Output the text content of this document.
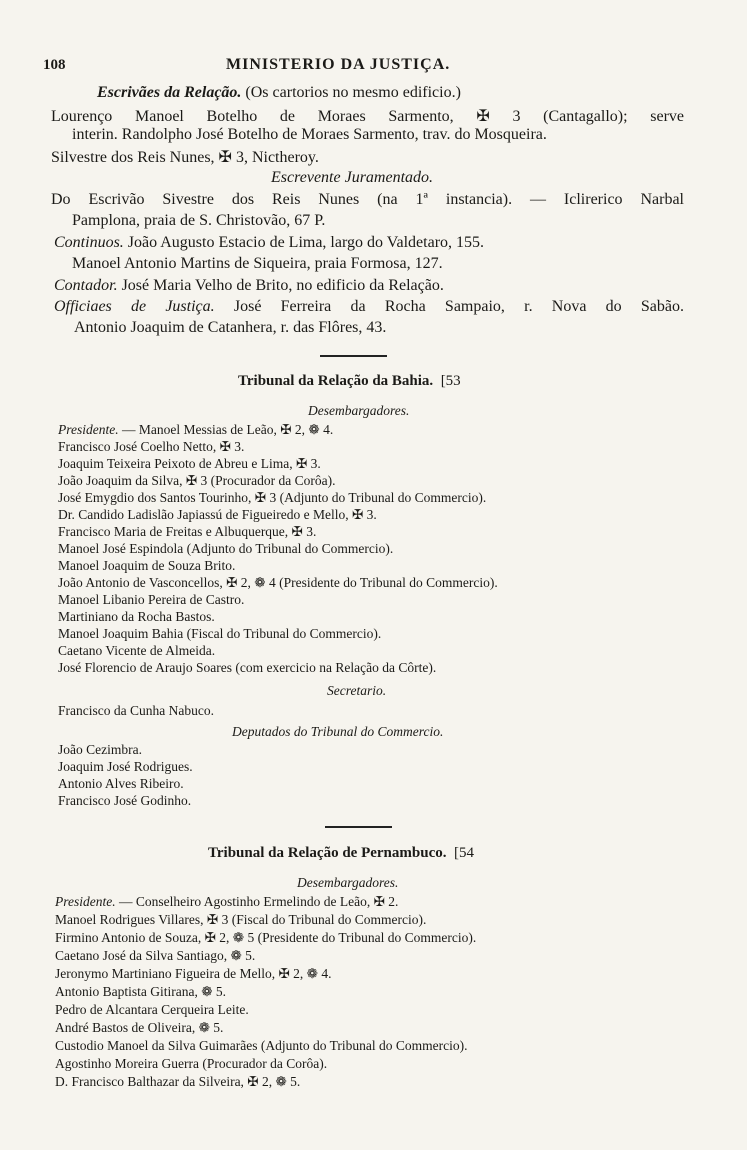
108	MINISTERIO DA JUSTIÇA.
Escrivães da Relação. (Os cartorios no mesmo edificio.)
Lourenço Manoel Botelho de Moraes Sarmento, ✠ 3 (Cantagallo); serve
interin. Randolpho José Botelho de Moraes Sarmento, trav. do Mosqueira.
Silvestre dos Reis Nunes, ✠ 3, Nictheroy.
Escrevente Juramentado.
Do Escrivão Sivestre dos Reis Nunes (na 1ª instancia). — Iclirerico Narbal
Pamplona, praia de S. Christovão, 67 P.
Continuos. João Augusto Estacio de Lima, largo do Valdetaro, 155.
Manoel Antonio Martins de Siqueira, praia Formosa, 127.
Contador. José Maria Velho de Brito, no edificio da Relação.
Officiaes de Justiça. José Ferreira da Rocha Sampaio, r. Nova do Sabão.
Antonio Joaquim de Catanhera, r. das Flôres, 43.
Tribunal da Relação da Bahia. [53
Desembargadores.
Presidente. — Manoel Messias de Leão, ✠ 2, ❁ 4.
Francisco José Coelho Netto, ✠ 3.
Joaquim Teixeira Peixoto de Abreu e Lima, ✠ 3.
João Joaquim da Silva, ✠ 3 (Procurador da Corôa).
José Emygdio dos Santos Tourinho, ✠ 3 (Adjunto do Tribunal do Commercio).
Dr. Candido Ladislão Japiassú de Figueiredo e Mello, ✠ 3.
Francisco Maria de Freitas e Albuquerque, ✠ 3.
Manoel José Espindola (Adjunto do Tribunal do Commercio).
Manoel Joaquim de Souza Brito.
João Antonio de Vasconcellos, ✠ 2, ❁ 4 (Presidente do Tribunal do Commercio).
Manoel Libanio Pereira de Castro.
Martiniano da Rocha Bastos.
Manoel Joaquim Bahia (Fiscal do Tribunal do Commercio).
Caetano Vicente de Almeida.
José Florencio de Araujo Soares (com exercicio na Relação da Côrte).
Secretario.
Francisco da Cunha Nabuco.
Deputados do Tribunal do Commercio.
João Cezimbra.
Joaquim José Rodrigues.
Antonio Alves Ribeiro.
Francisco José Godinho.
Tribunal da Relação de Pernambuco. [54
Desembargadores.
Presidente. — Conselheiro Agostinho Ermelindo de Leão, ✠ 2.
Manoel Rodrigues Villares, ✠ 3 (Fiscal do Tribunal do Commercio).
Firmino Antonio de Souza, ✠ 2, ❁ 5 (Presidente do Tribunal do Commercio).
Caetano José da Silva Santiago, ❁ 5.
Jeronymo Martiniano Figueira de Mello, ✠ 2, ❁ 4.
Antonio Baptista Gitirana, ❁ 5.
Pedro de Alcantara Cerqueira Leite.
André Bastos de Oliveira, ❁ 5.
Custodio Manoel da Silva Guimarães (Adjunto do Tribunal do Commercio).
Agostinho Moreira Guerra (Procurador da Corôa).
D. Francisco Balthazar da Silveira, ✠ 2, ❁ 5.
